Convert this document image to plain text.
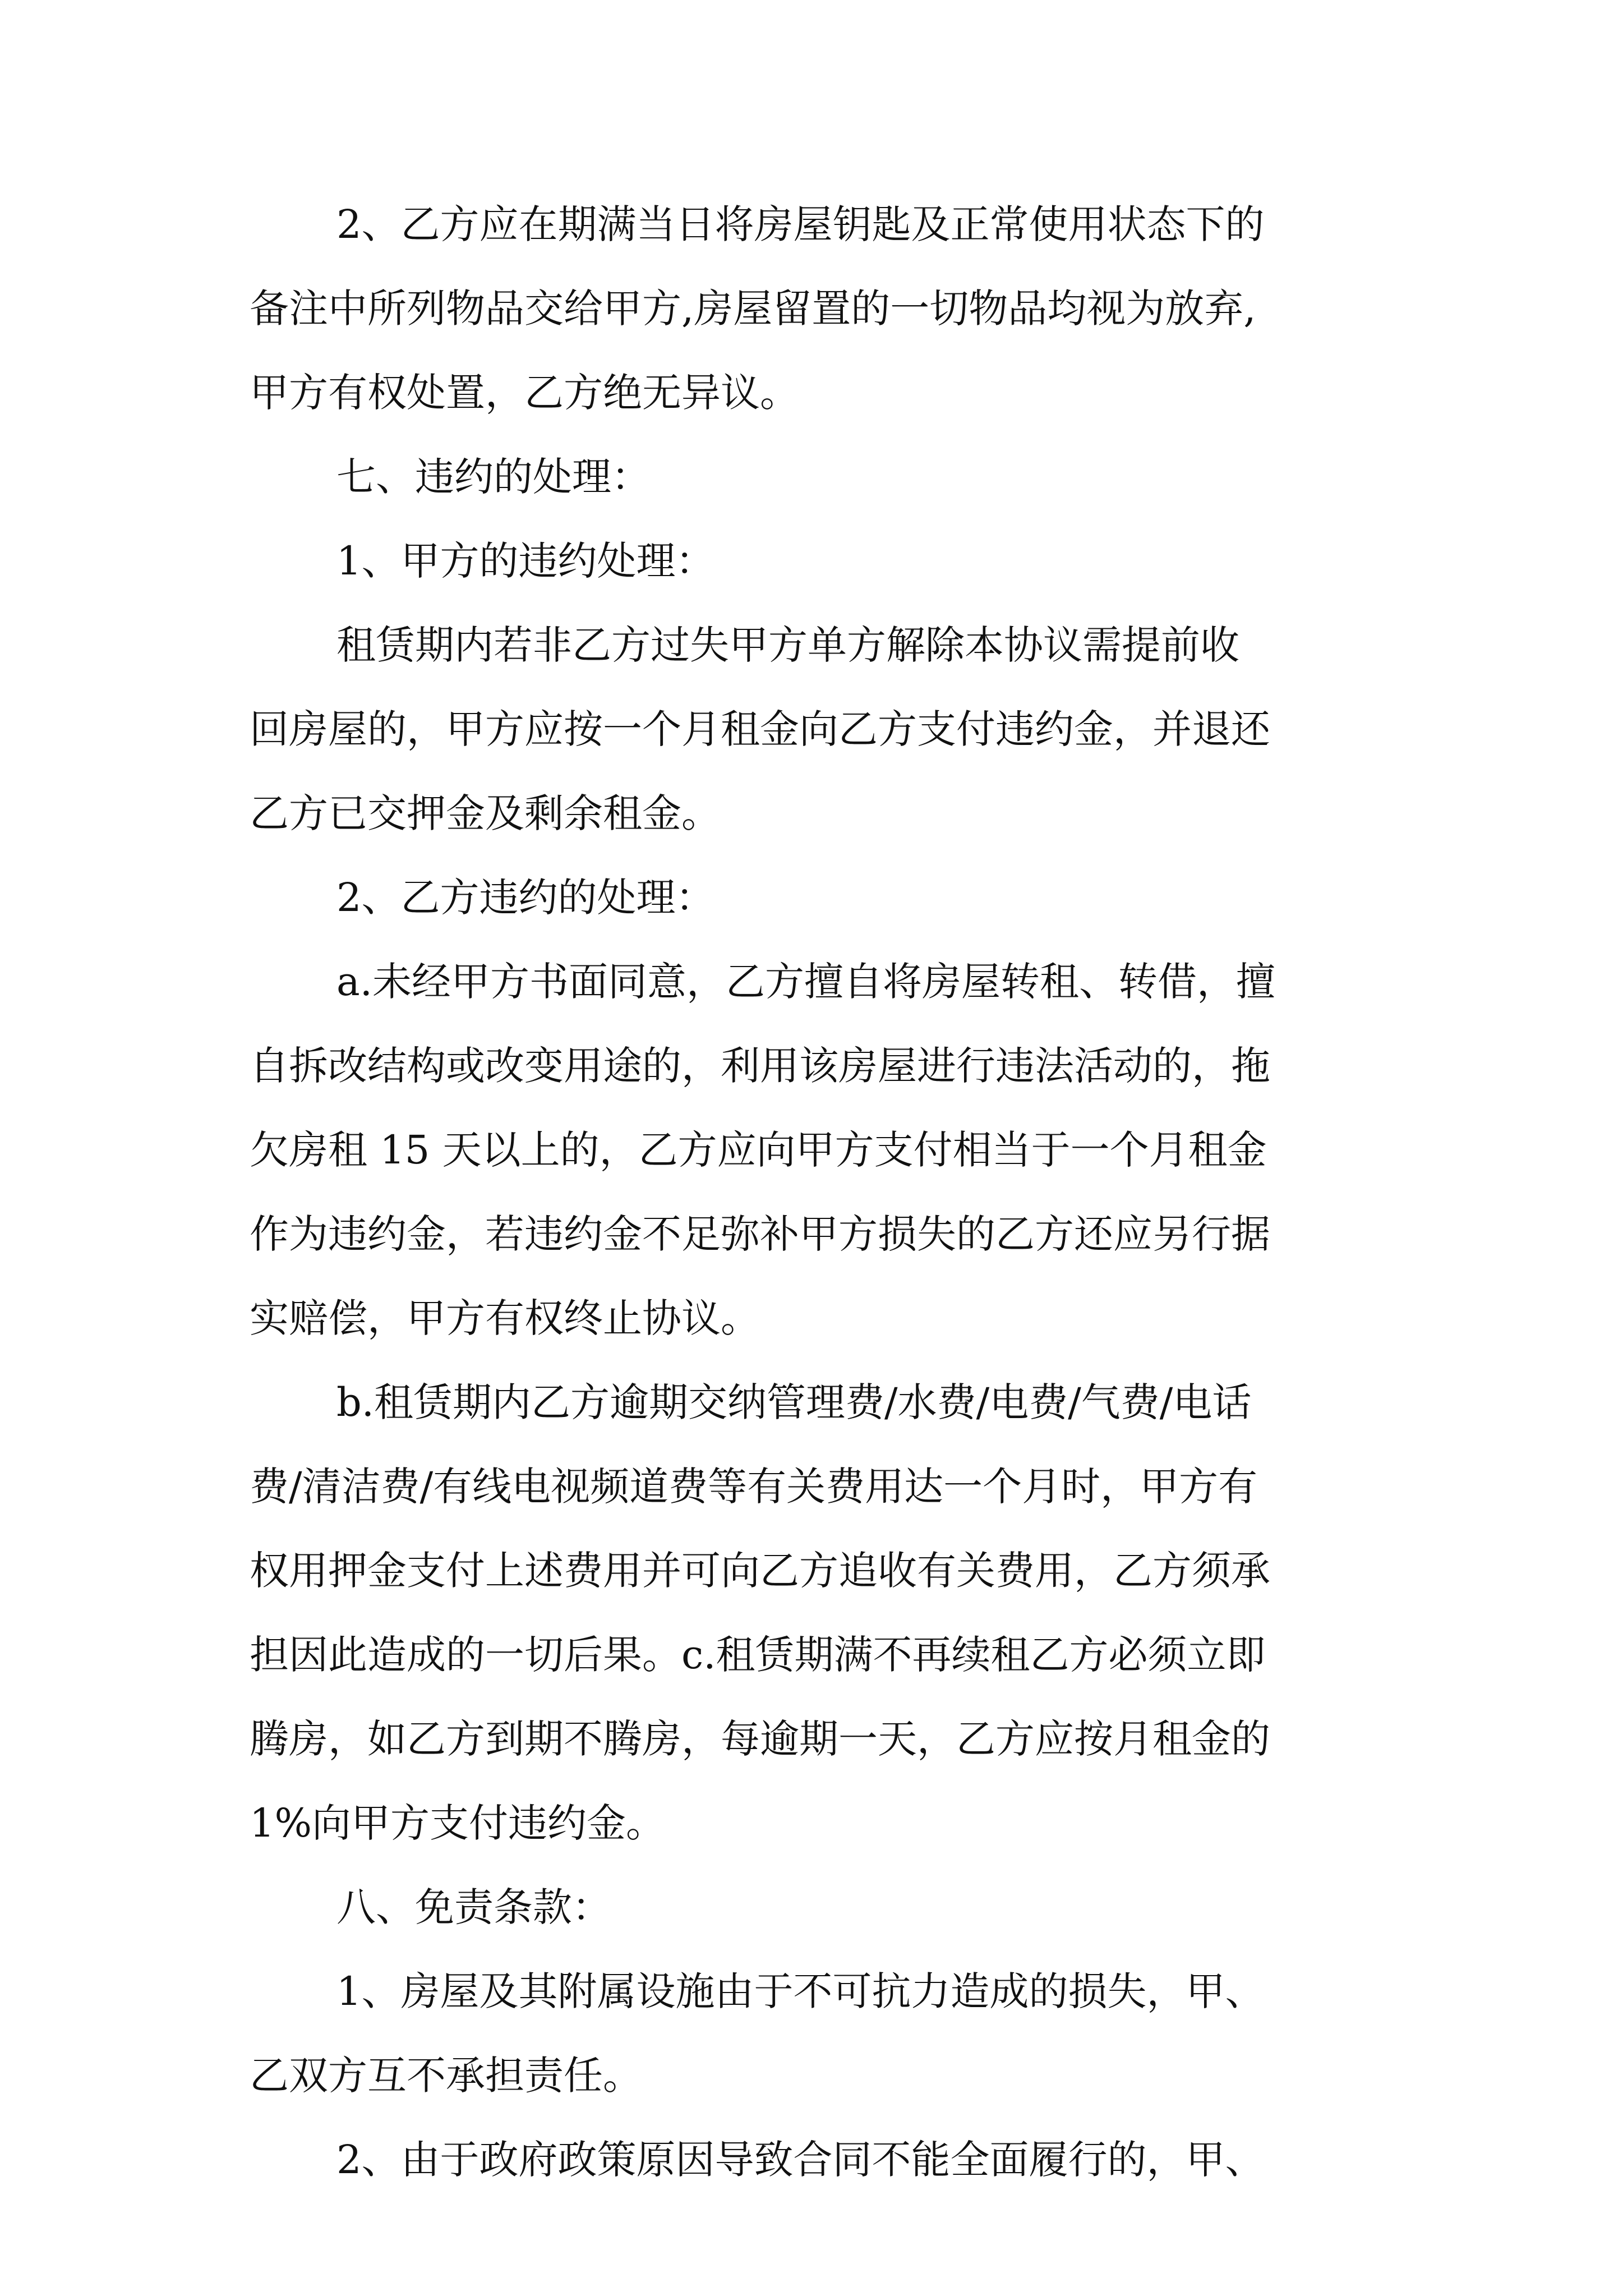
2、乙方应在期满当日将房屋钥匙及正常使用状态下的
备注中所列物品交给甲方,房屋留置的一切物品均视为放弃,
甲方有权处置，乙方绝无异议。
七、违约的处理：
1、甲方的违约处理：
租赁期内若非乙方过失甲方单方解除本协议需提前收
回房屋的，甲方应按一个月租金向乙方支付违约金，并退还
乙方已交押金及剩余租金。
2、乙方违约的处理：
a.未经甲方书面同意，乙方擅自将房屋转租、转借，擅
自拆改结构或改变用途的，利用该房屋进行违法活动的，拖
欠房租 15 天以上的，乙方应向甲方支付相当于一个月租金
作为违约金，若违约金不足弥补甲方损失的乙方还应另行据
实赔偿，甲方有权终止协议。
b.租赁期内乙方逾期交纳管理费/水费/电费/气费/电话
费/清洁费/有线电视频道费等有关费用达一个月时，甲方有
权用押金支付上述费用并可向乙方追收有关费用，乙方须承
担因此造成的一切后果。c.租赁期满不再续租乙方必须立即
腾房，如乙方到期不腾房，每逾期一天，乙方应按月租金的
1%向甲方支付违约金。
八、免责条款：
1、房屋及其附属设施由于不可抗力造成的损失，甲、
乙双方互不承担责任。
2、由于政府政策原因导致合同不能全面履行的，甲、
